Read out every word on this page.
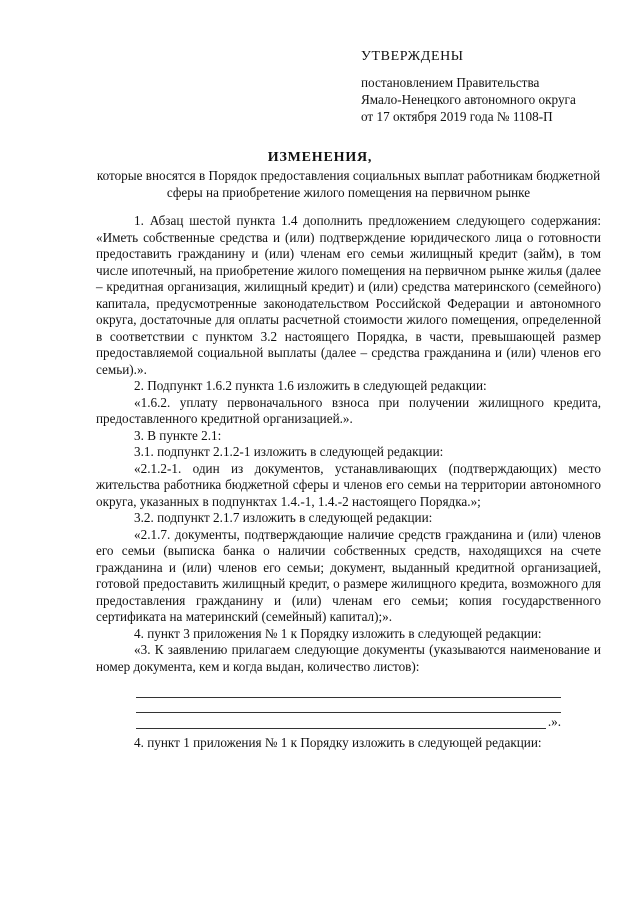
УТВЕРЖДЕНЫ
постановлением Правительства
Ямало-Ненецкого автономного округа
от 17 октября 2019 года № 1108-П
ИЗМЕНЕНИЯ,
которые вносятся в Порядок предоставления социальных выплат работникам бюджетной сферы на приобретение жилого помещения на первичном рынке

1. Абзац шестой пункта 1.4 дополнить предложением следующего содержания: «Иметь собственные средства и (или) подтверждение юридического лица о готовности предоставить гражданину и (или) членам его семьи жилищный кредит (займ), в том числе ипотечный, на приобретение жилого помещения на первичном рынке жилья (далее – кредитная организация, жилищный кредит) и (или) средства материнского (семейного) капитала, предусмотренные законодательством Российской Федерации и автономного округа, достаточные для оплаты расчетной стоимости жилого помещения, определенной в соответствии с пунктом 3.2 настоящего Порядка, в части, превышающей размер предоставляемой социальной выплаты (далее – средства гражданина и (или) членов его семьи).».

2. Подпункт 1.6.2 пункта 1.6 изложить в следующей редакции:

«1.6.2. уплату первоначального взноса при получении жилищного кредита, предоставленного кредитной организацией.».

3. В пункте 2.1:

3.1. подпункт 2.1.2-1 изложить в следующей редакции:

«2.1.2-1. один из документов, устанавливающих (подтверждающих) место жительства работника бюджетной сферы и членов его семьи на территории автономного округа, указанных в подпунктах 1.4.-1, 1.4.-2 настоящего Порядка.»;

3.2. подпункт 2.1.7 изложить в следующей редакции:

«2.1.7. документы, подтверждающие наличие средств гражданина и (или) членов его семьи (выписка банка о наличии собственных средств, находящихся на счете гражданина и (или) членов его семьи; документ, выданный кредитной организацией, готовой предоставить жилищный кредит, о размере жилищного кредита, возможного для предоставления гражданину и (или) членам его семьи; копия государственного сертификата на материнский (семейный) капитал);».

4. пункт 3 приложения № 1 к Порядку изложить в следующей редакции:

«3. К заявлению прилагаем следующие документы (указываются наименование и номер документа, кем и когда выдан, количество листов):

.».

4. пункт 1 приложения № 1 к Порядку изложить в следующей редакции:
